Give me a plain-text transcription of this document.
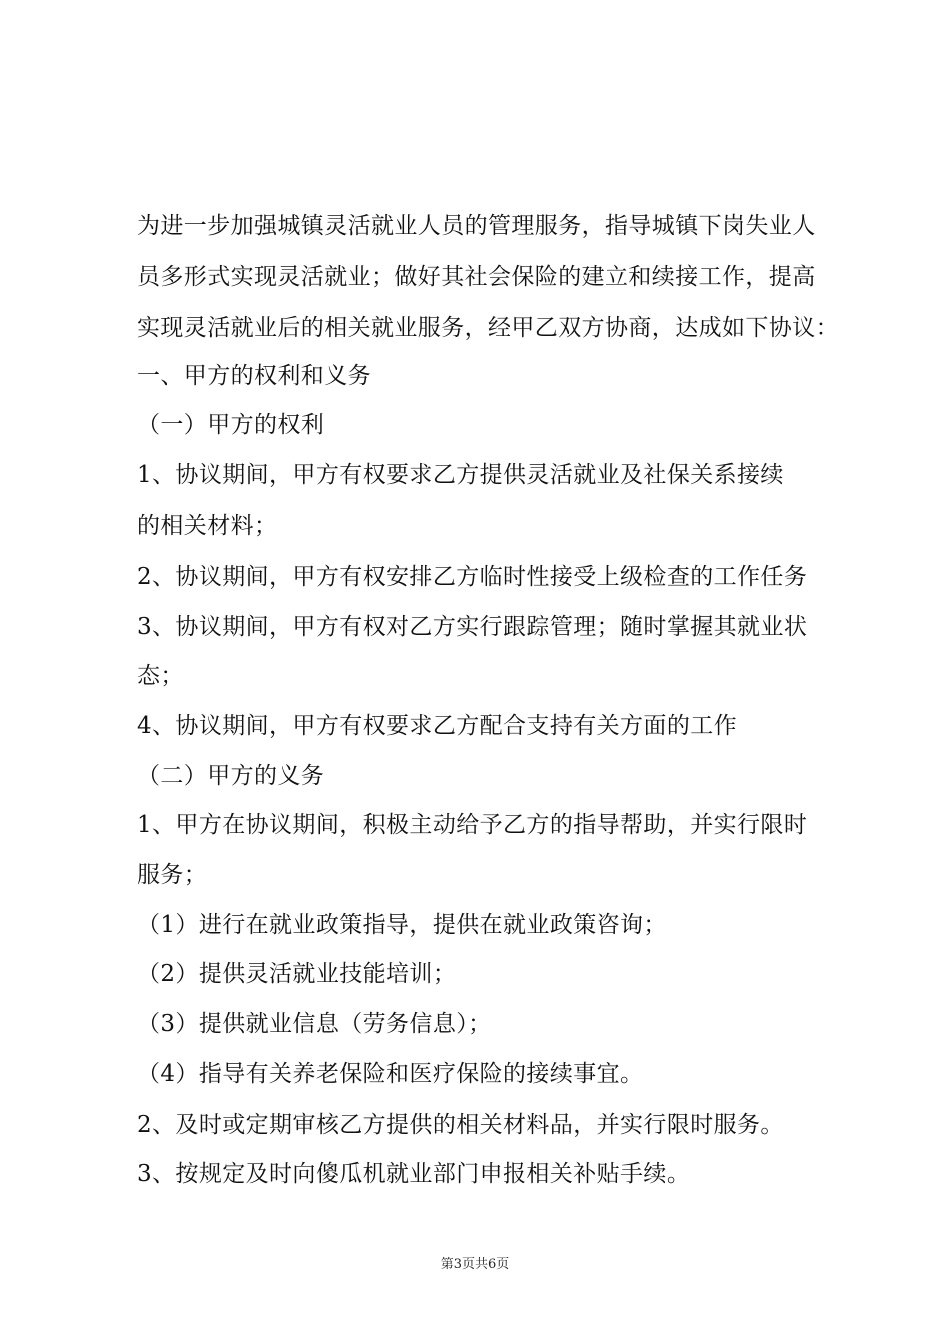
为进一步加强城镇灵活就业人员的管理服务，指导城镇下岗失业人
员多形式实现灵活就业；做好其社会保险的建立和续接工作，提高
实现灵活就业后的相关就业服务，经甲乙双方协商，达成如下协议：
一、甲方的权利和义务
（一）甲方的权利
1、协议期间，甲方有权要求乙方提供灵活就业及社保关系接续
的相关材料；
2、协议期间，甲方有权安排乙方临时性接受上级检查的工作任务
3、协议期间，甲方有权对乙方实行跟踪管理；随时掌握其就业状
态；
4、协议期间，甲方有权要求乙方配合支持有关方面的工作
（二）甲方的义务
1、甲方在协议期间，积极主动给予乙方的指导帮助，并实行限时
服务；
（1）进行在就业政策指导，提供在就业政策咨询；
（2）提供灵活就业技能培训；
（3）提供就业信息（劳务信息）；
（4）指导有关养老保险和医疗保险的接续事宜。
2、及时或定期审核乙方提供的相关材料品，并实行限时服务。
3、按规定及时向傻瓜机就业部门申报相关补贴手续。
第3页共6页
